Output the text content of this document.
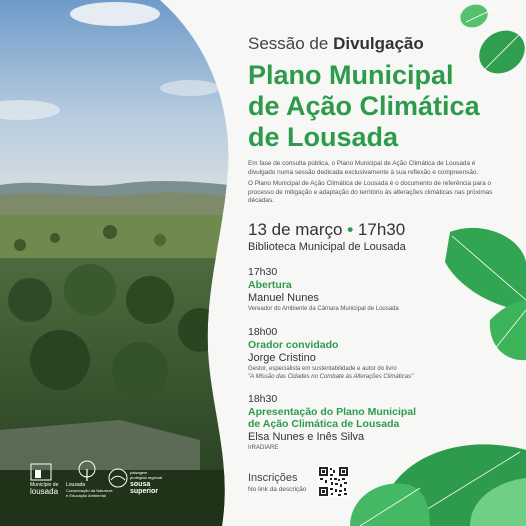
Município de
lousada
Lousada
Conservação da Natureza
e Educação Ambiental
paisagem
protegida regional
sousa
superior
Sessão de Divulgação
Plano Municipal
de Ação Climática
de Lousada

Em fase de consulta pública, o Plano Municipal de Ação Climática de Lousada é divulgado numa sessão dedicada exclusivamente à sua reflexão e compreensão.

O Plano Municipal de Ação Climática de Lousada é o documento de referência para o processo de mitigação e adaptação do território às alterações climáticas nas próximas décadas.

13 de março • 17h30
Biblioteca Municipal de Lousada
17h30
Abertura
Manuel Nunes
Vereador do Ambiente da Câmara Municipal de Lousada
18h00
Orador convidado
Jorge Cristino
Gestor, especialista em sustentabilidade e autor do livro
"A Missão das Cidades no Combate às Alterações Climáticas"
18h30
Apresentação do Plano Municipal de Ação Climática de Lousada
Elsa Nunes e Inês Silva
IrRADIARE
Inscrições
No link da descrição
